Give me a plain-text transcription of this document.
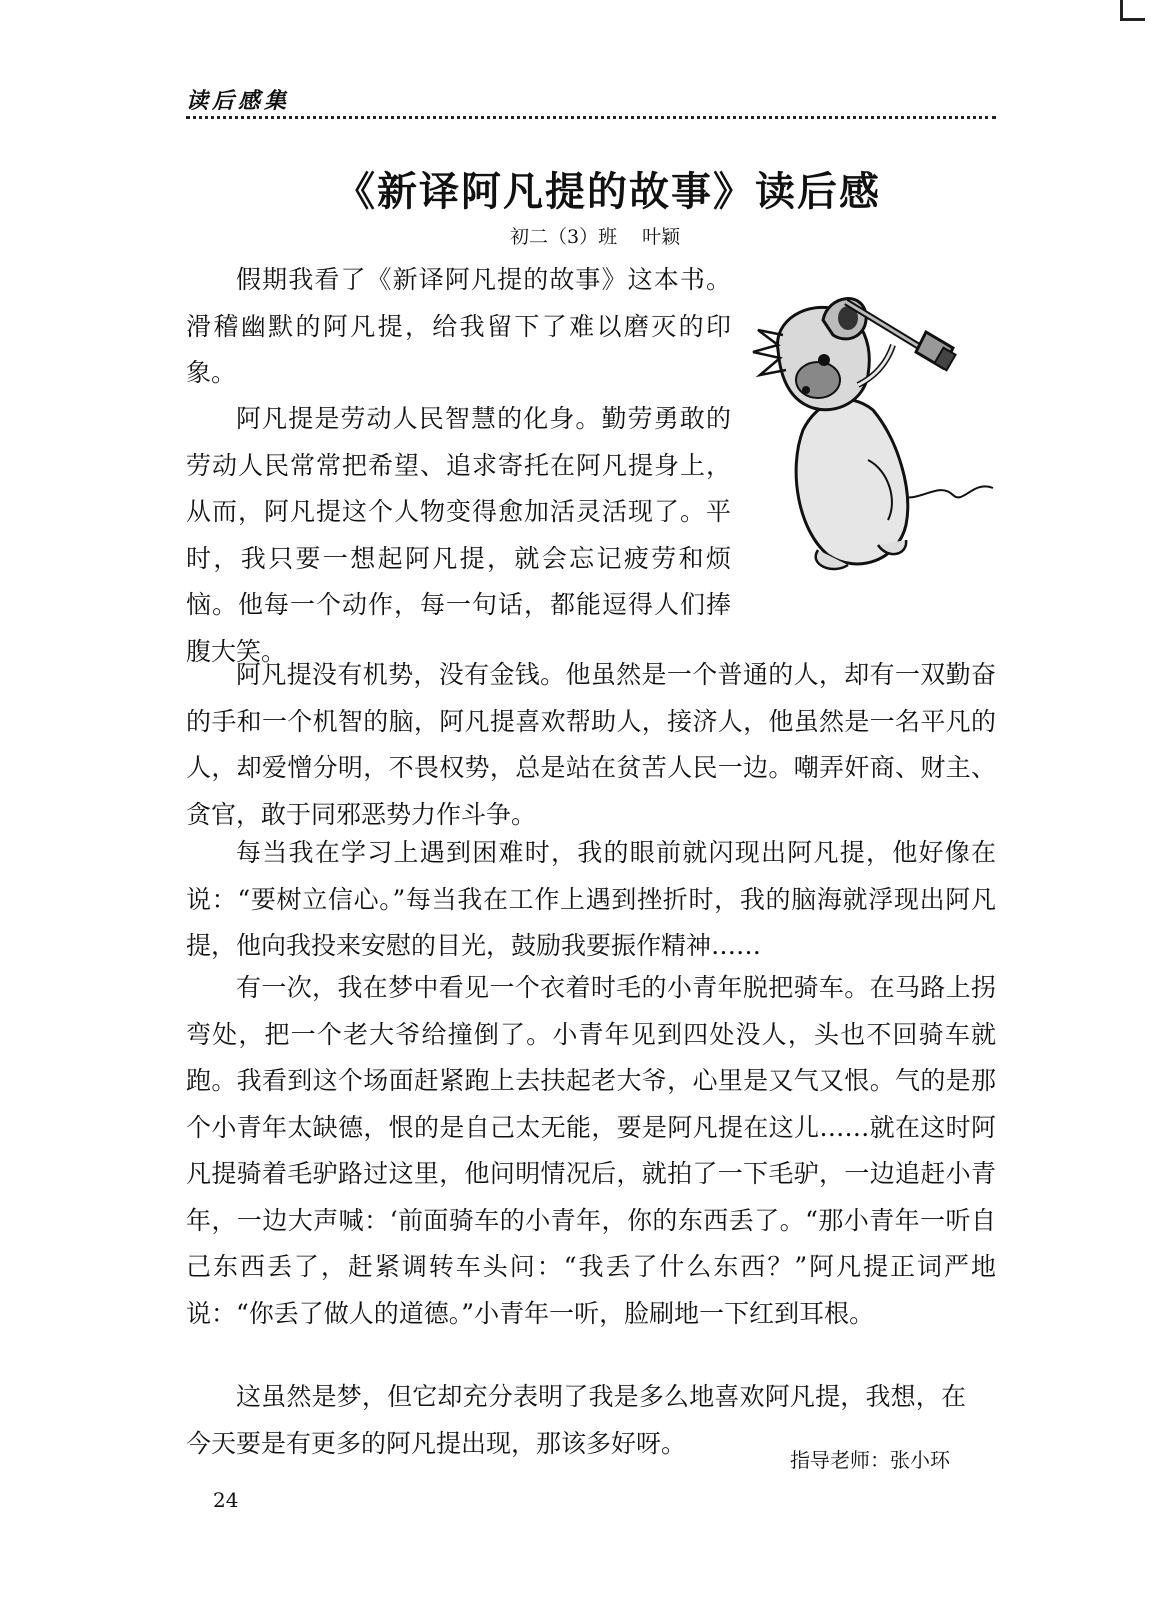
读后感集
《新译阿凡提的故事》读后感
初二（3）班　 叶颖

假期我看了《新译阿凡提的故事》这本书。滑稽幽默的阿凡提，给我留下了难以磨灭的印象。

阿凡提是劳动人民智慧的化身。勤劳勇敢的劳动人民常常把希望、追求寄托在阿凡提身上，从而，阿凡提这个人物变得愈加活灵活现了。平时，我只要一想起阿凡提，就会忘记疲劳和烦恼。他每一个动作，每一句话，都能逗得人们捧腹大笑。

阿凡提没有机势，没有金钱。他虽然是一个普通的人，却有一双勤奋的手和一个机智的脑，阿凡提喜欢帮助人，接济人，他虽然是一名平凡的人，却爱憎分明，不畏权势，总是站在贫苦人民一边。嘲弄奸商、财主、贪官，敢于同邪恶势力作斗争。

每当我在学习上遇到困难时，我的眼前就闪现出阿凡提，他好像在说：“要树立信心。”每当我在工作上遇到挫折时，我的脑海就浮现出阿凡提，他向我投来安慰的目光，鼓励我要振作精神……

有一次，我在梦中看见一个衣着时毛的小青年脱把骑车。在马路上拐弯处，把一个老大爷给撞倒了。小青年见到四处没人，头也不回骑车就跑。我看到这个场面赶紧跑上去扶起老大爷，心里是又气又恨。气的是那个小青年太缺德，恨的是自己太无能，要是阿凡提在这儿……就在这时阿凡提骑着毛驴路过这里，他问明情况后，就拍了一下毛驴，一边追赶小青年，一边大声喊：‘前面骑车的小青年，你的东西丢了。“那小青年一听自己东西丢了，赶紧调转车头问：“我丢了什么东西？”阿凡提正词严地说：“你丢了做人的道德。”小青年一听，脸刷地一下红到耳根。

这虽然是梦，但它却充分表明了我是多么地喜欢阿凡提，我想，在今天要是有更多的阿凡提出现，那该多好呀。

指导老师：张小环
24
